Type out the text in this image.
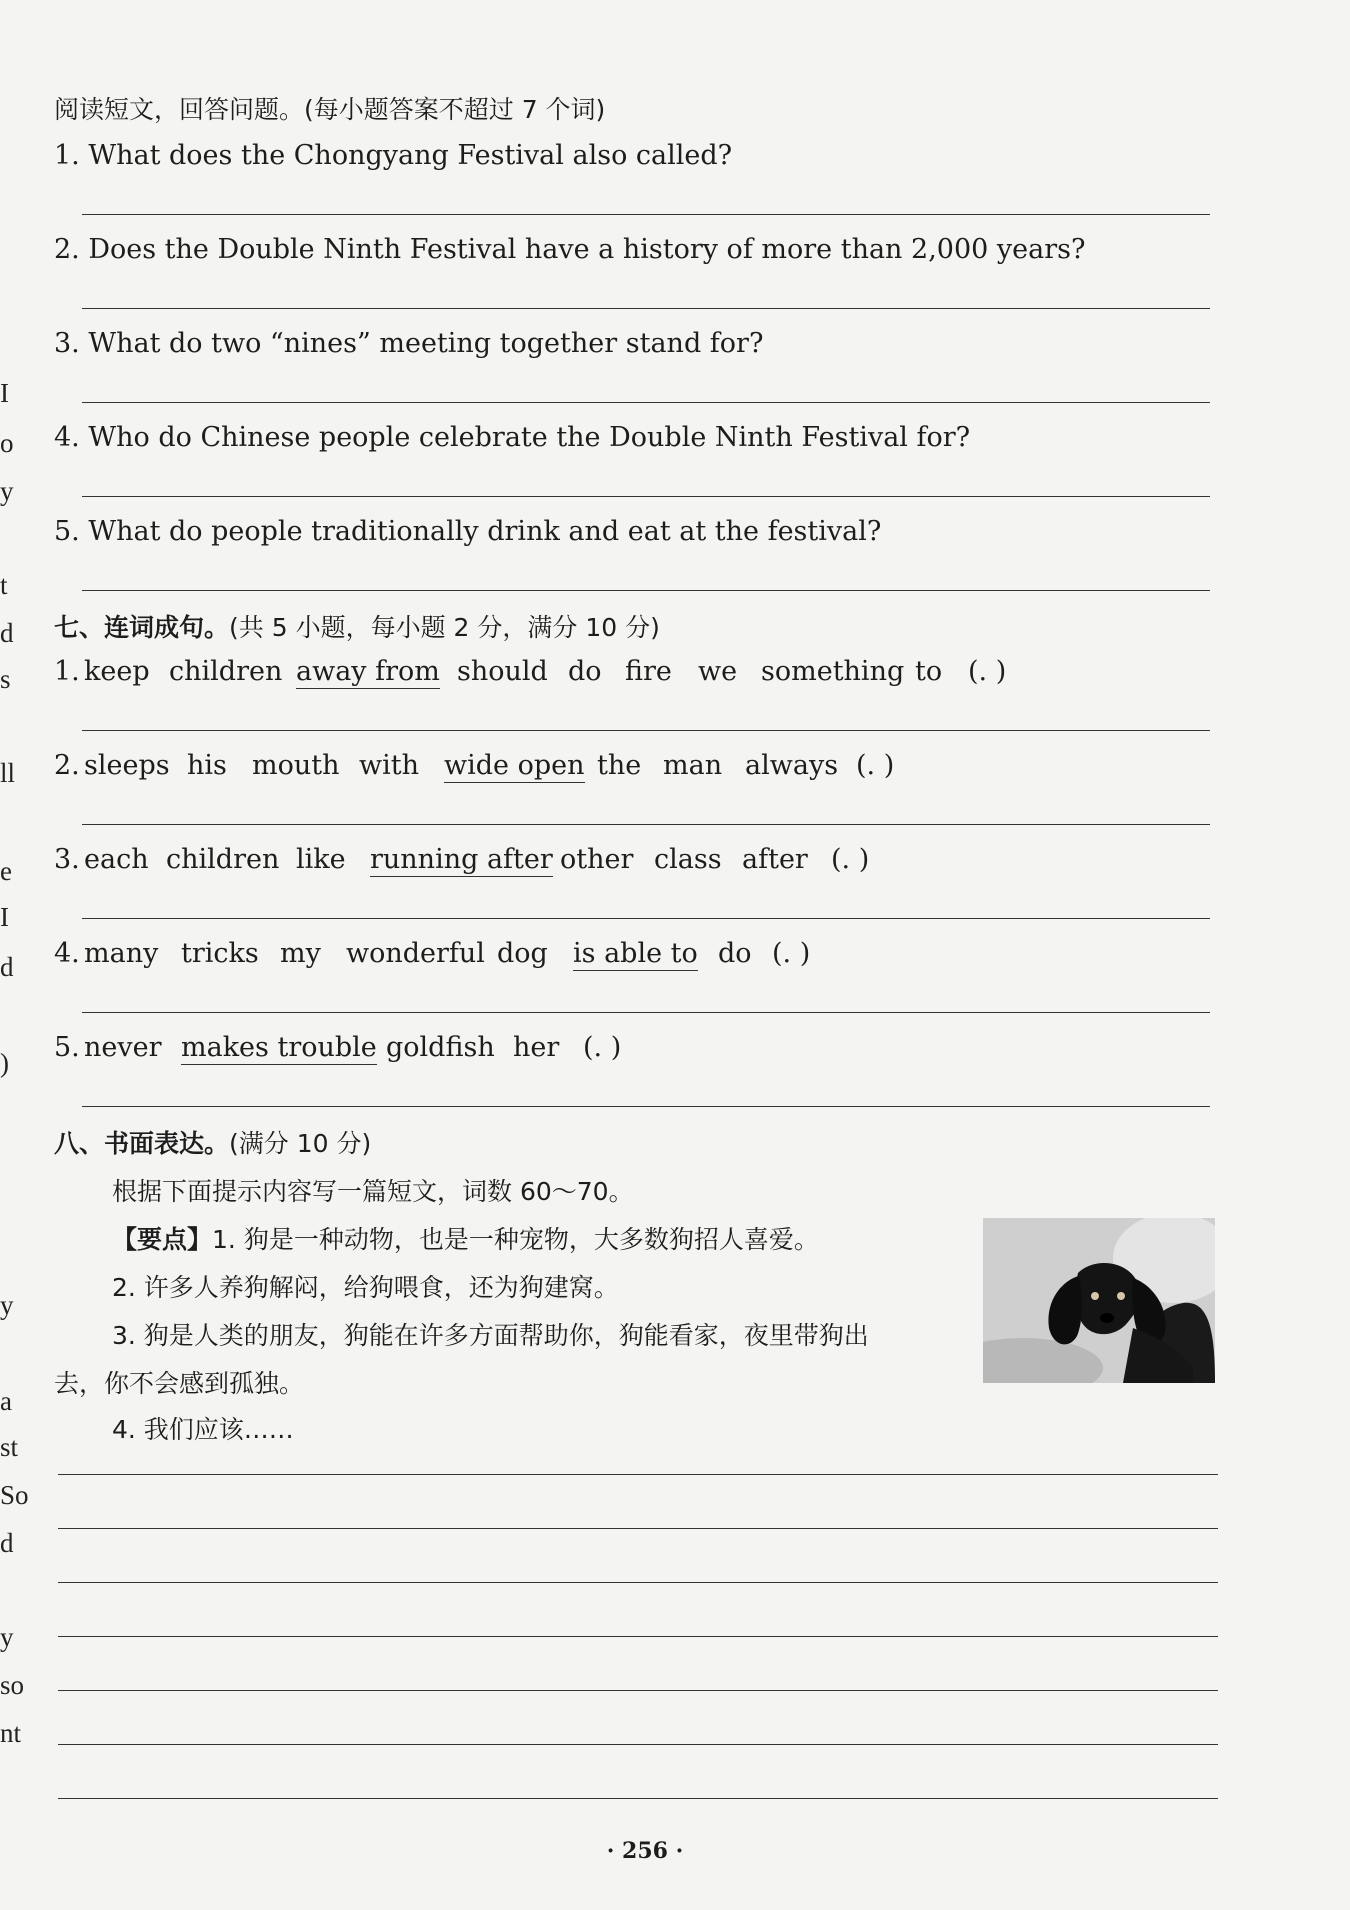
I
o
y
t
d
s
ll
e
I
d
)
y
a
st
So
d
y
so
nt
阅读短文，回答问题。(每小题答案不超过 7 个词)
1. What does the Chongyang Festival also called?
2. Does the Double Ninth Festival have a history of more than 2,000 years?
3. What do two “nines” meeting together stand for?
4. Who do Chinese people celebrate the Double Ninth Festival for?
5. What do people traditionally drink and eat at the festival?
七、连词成句。(共 5 小题，每小题 2 分，满分 10 分)
1. keep children away from should do fire we something to (. )
2. sleeps his mouth with wide open the man always (. )
3. each children like running after other class after (. )
4. many tricks my wonderful dog is able to do (. )
5. never makes trouble goldfish her (. )
八、书面表达。(满分 10 分)
根据下面提示内容写一篇短文，词数 60～70。
【要点】1. 狗是一种动物，也是一种宠物，大多数狗招人喜爱。
2. 许多人养狗解闷，给狗喂食，还为狗建窝。
3. 狗是人类的朋友，狗能在许多方面帮助你，狗能看家，夜里带狗出
去，你不会感到孤独。
4. 我们应该……
· 256 ·
